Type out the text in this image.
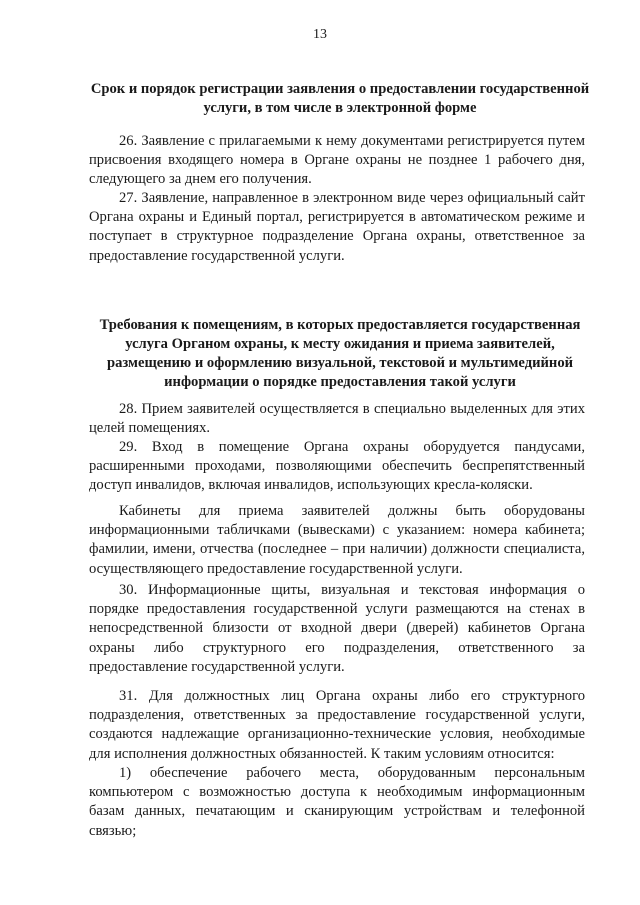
13
Срок и порядок регистрации заявления о предоставлении государственной услуги, в том числе в электронной форме
26. Заявление с прилагаемыми к нему документами регистрируется путем присвоения входящего номера в Органе охраны не позднее 1 рабочего дня, следующего за днем его получения.
27. Заявление, направленное в электронном виде через официальный сайт Органа охраны и Единый портал, регистрируется в автоматическом режиме и поступает в структурное подразделение Органа охраны, ответственное за предоставление государственной услуги.
Требования к помещениям, в которых предоставляется государственная услуга Органом охраны, к месту ожидания и приема заявителей, размещению и оформлению визуальной, текстовой и мультимедийной информации о порядке предоставления такой услуги
28. Прием заявителей осуществляется в специально выделенных для этих целей помещениях.
29. Вход в помещение Органа охраны оборудуется пандусами, расширенными проходами, позволяющими обеспечить беспрепятственный доступ инвалидов, включая инвалидов, использующих кресла-коляски.
Кабинеты для приема заявителей должны быть оборудованы информационными табличками (вывесками) с указанием: номера кабинета; фамилии, имени, отчества (последнее – при наличии) должности специалиста, осуществляющего предоставление государственной услуги.
30. Информационные щиты, визуальная и текстовая информация о порядке предоставления государственной услуги размещаются на стенах в непосредственной близости от входной двери (дверей) кабинетов Органа охраны либо структурного его подразделения, ответственного за предоставление государственной услуги.
31. Для должностных лиц Органа охраны либо его структурного подразделения, ответственных за предоставление государственной услуги, создаются надлежащие организационно-технические условия, необходимые для исполнения должностных обязанностей. К таким условиям относится:
1) обеспечение рабочего места, оборудованным персональным компьютером с возможностью доступа к необходимым информационным базам данных, печатающим и сканирующим устройствам и телефонной связью;
